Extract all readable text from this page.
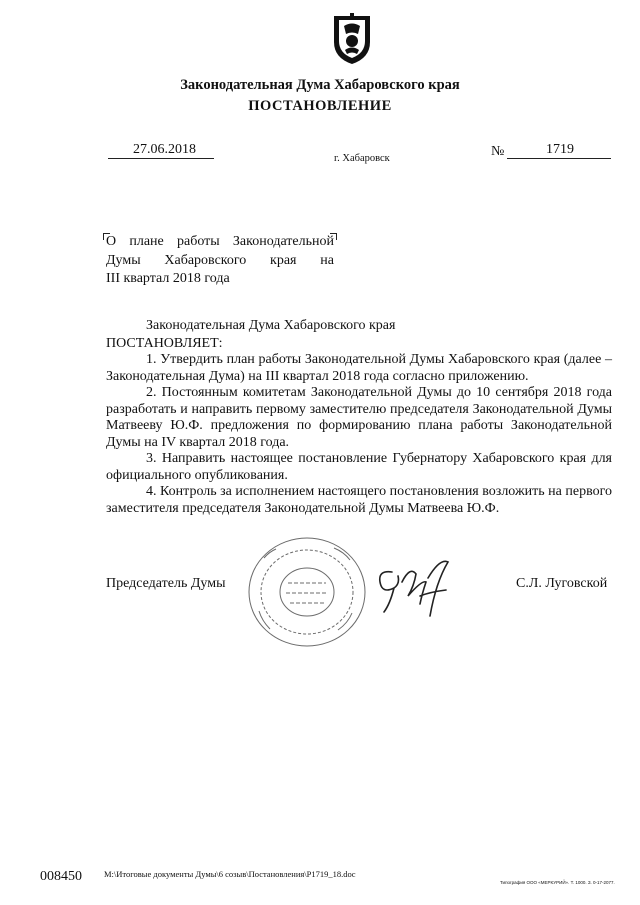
Законодательная Дума Хабаровского края
ПОСТАНОВЛЕНИЕ
27.06.2018
г. Хабаровск	№	1719
О плане работы Законодательной
Думы Хабаровского края на
III квартал 2018 года

Законодательная Дума Хабаровского края

ПОСТАНОВЛЯЕТ:

1. Утвердить план работы Законодательной Думы Хабаровского края (далее – Законодательная Дума) на III квартал 2018 года согласно приложению.

2. Постоянным комитетам Законодательной Думы до 10 сентября 2018 года разработать и направить первому заместителю председателя Законодательной Думы Матвееву Ю.Ф. предложения по формированию плана работы Законодательной Думы на IV квартал 2018 года.

3. Направить настоящее постановление Губернатору Хабаровского края для официального опубликования.

4. Контроль за исполнением настоящего постановления возложить на первого заместителя председателя Законодательной Думы Матвеева Ю.Ф.

Председатель Думы	С.Л. Луговской
008450	M:\Итоговые документы Думы\6 созыв\Постановления\P1719_18.doc
Типография ООО «МЕРКУРИЙ». Т. 1000. З. 0-17-2077.
